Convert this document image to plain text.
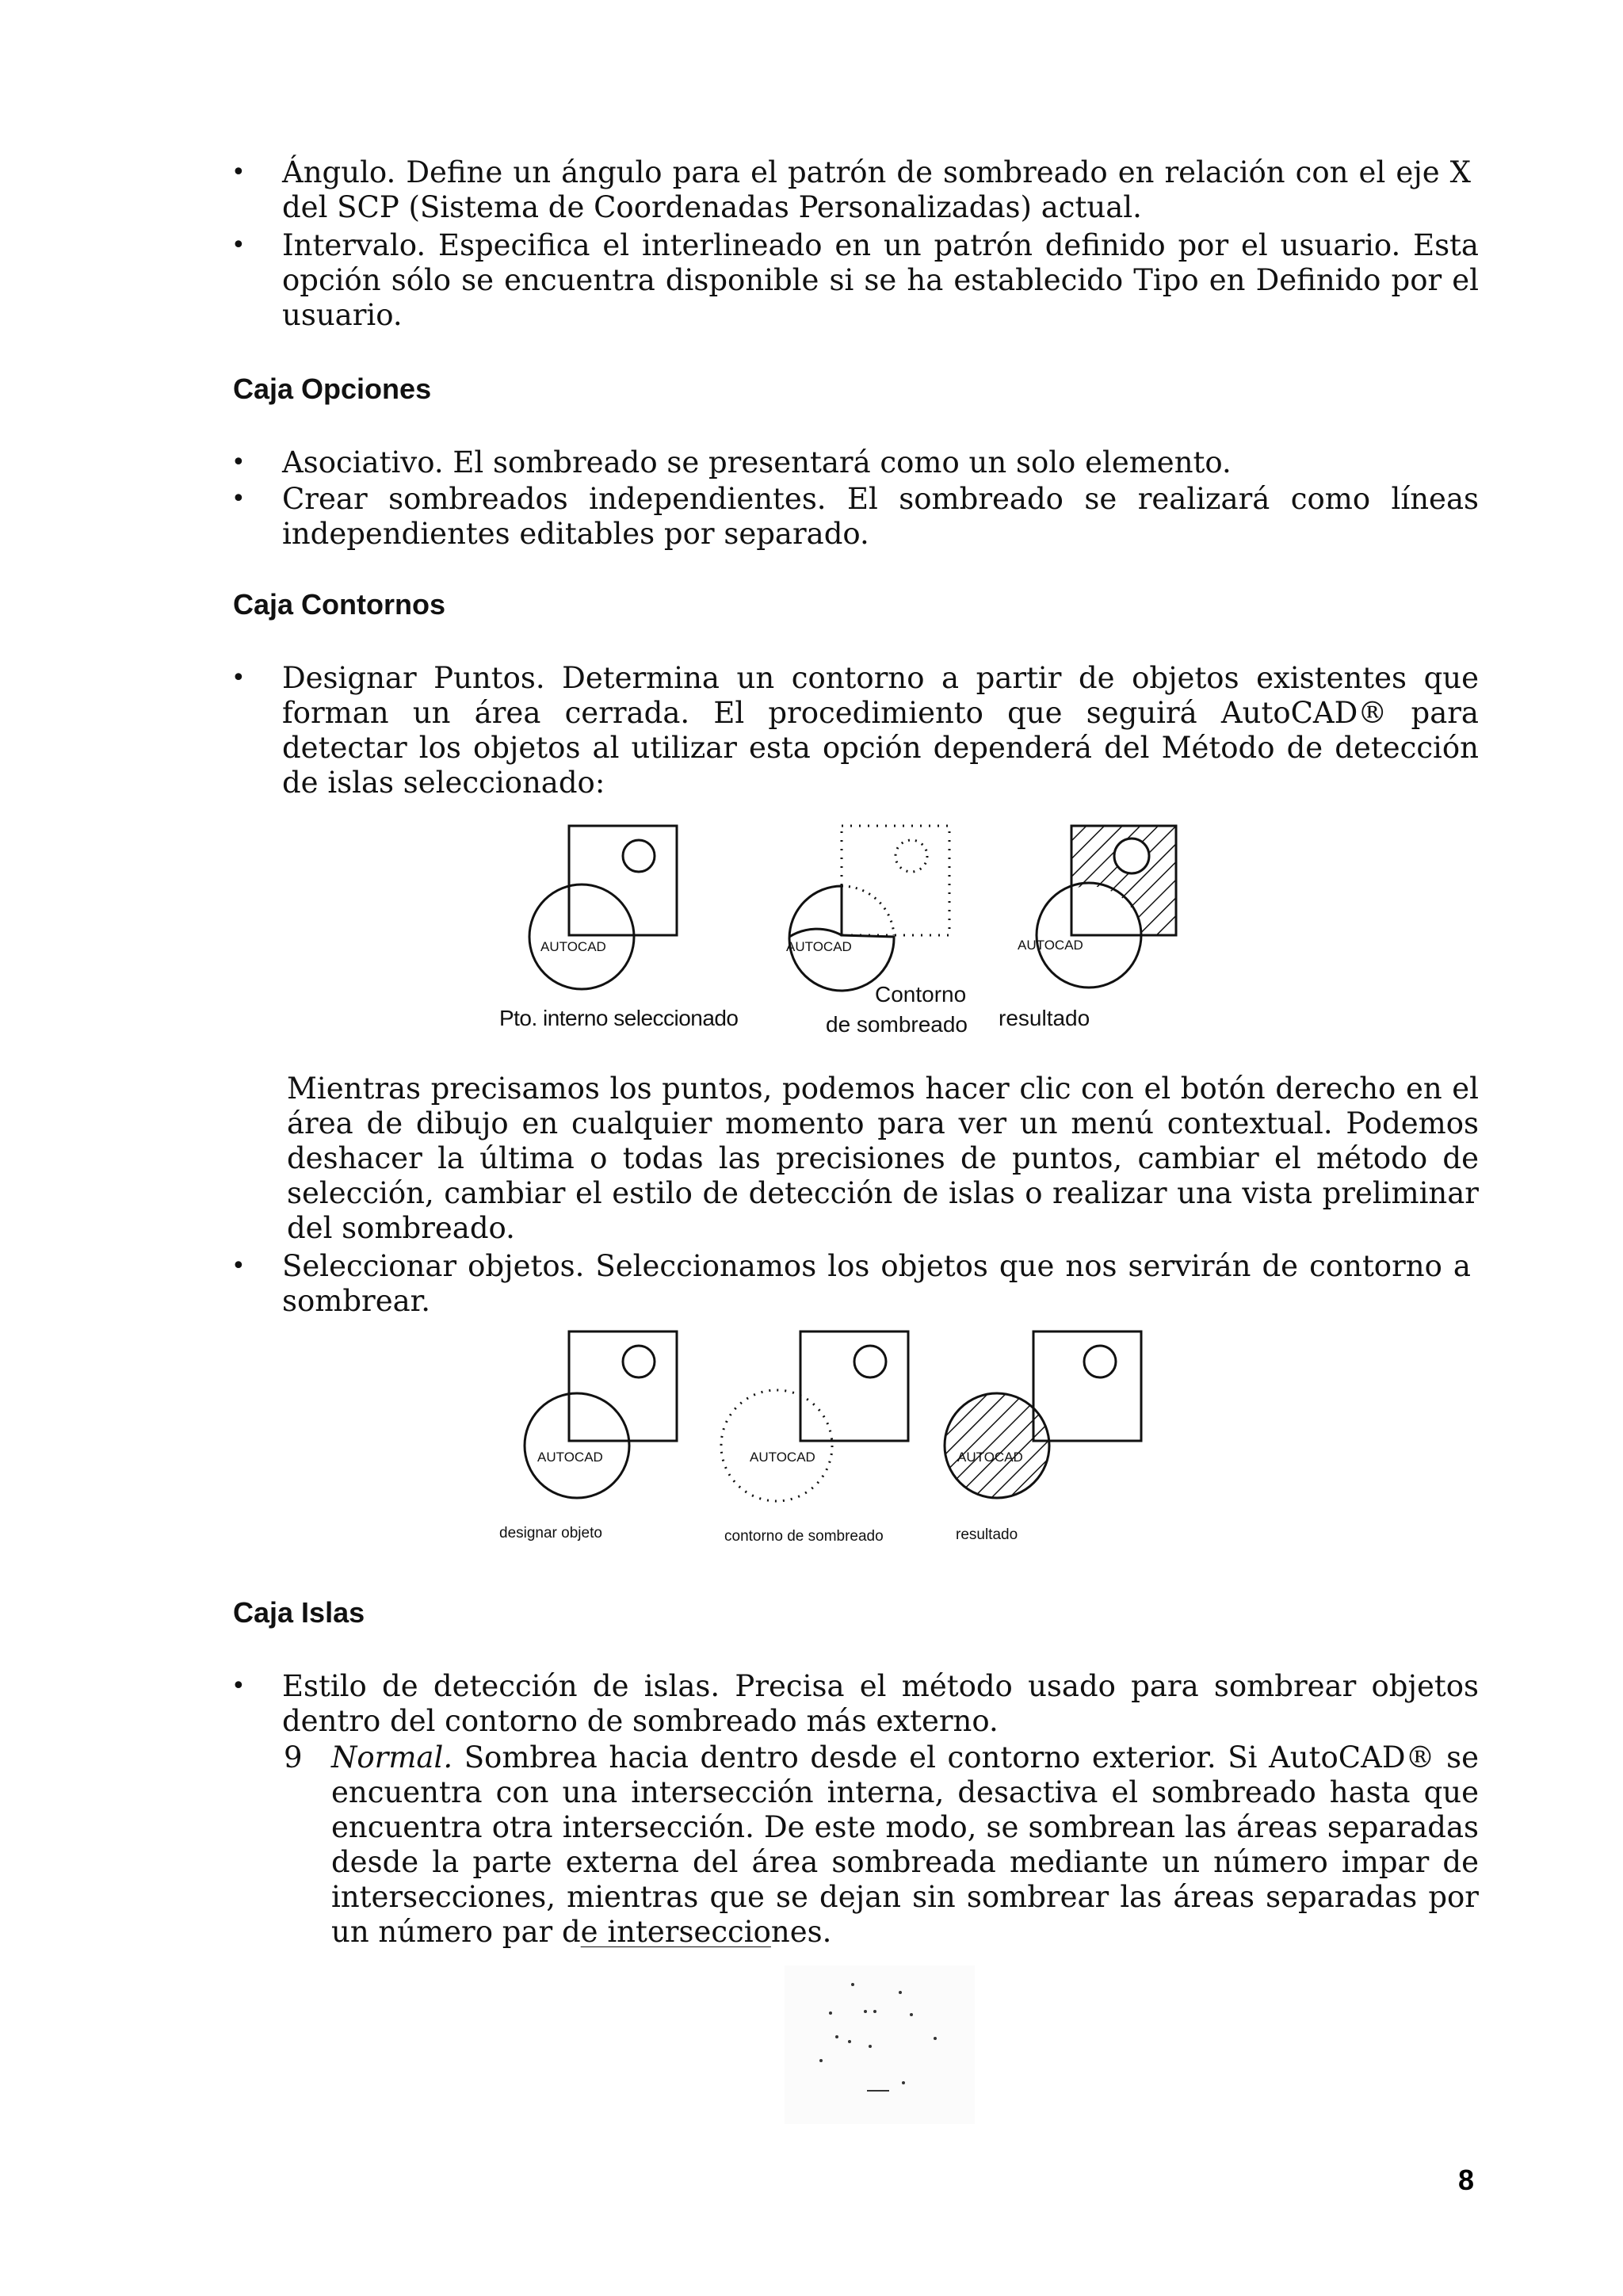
• Ángulo. Define un ángulo para el patrón de sombreado en relación con el eje X del SCP (Sistema de Coordenadas Personalizadas) actual.
• Intervalo. Especifica el interlineado en un patrón definido por el usuario. Esta opción sólo se encuentra disponible si se ha establecido Tipo en Definido por el usuario.
Caja Opciones
• Asociativo. El sombreado se presentará como un solo elemento.
• Crear sombreados independientes. El sombreado se realizará como líneas independientes editables por separado.
Caja Contornos
• Designar Puntos. Determina un contorno a partir de objetos existentes que forman un área cerrada. El procedimiento que seguirá AutoCAD® para detectar los objetos al utilizar esta opción dependerá del Método de detección de islas seleccionado:
AUTOCAD
Pto. interno seleccionado
AUTOCAD
Contorno
de sombreado
AUTOCAD
resultado
Mientras precisamos los puntos, podemos hacer clic con el botón derecho en el área de dibujo en cualquier momento para ver un menú contextual. Podemos deshacer la última o todas las precisiones de puntos, cambiar el método de selección, cambiar el estilo de detección de islas o realizar una vista preliminar del sombreado.
• Seleccionar objetos. Seleccionamos los objetos que nos servirán de contorno a sombrear.
AUTOCAD
designar objeto
AUTOCAD
contorno de sombreado
AUTOCAD
resultado
Caja Islas
• Estilo de detección de islas. Precisa el método usado para sombrear objetos dentro del contorno de sombreado más externo.
9 Normal. Sombrea hacia dentro desde el contorno exterior. Si AutoCAD® se encuentra con una intersección interna, desactiva el sombreado hasta que encuentra otra intersección. De este modo, se sombrean las áreas separadas desde la parte externa del área sombreada mediante un número impar de intersecciones, mientras que se dejan sin sombrear las áreas separadas por un número par de intersecciones.
8
